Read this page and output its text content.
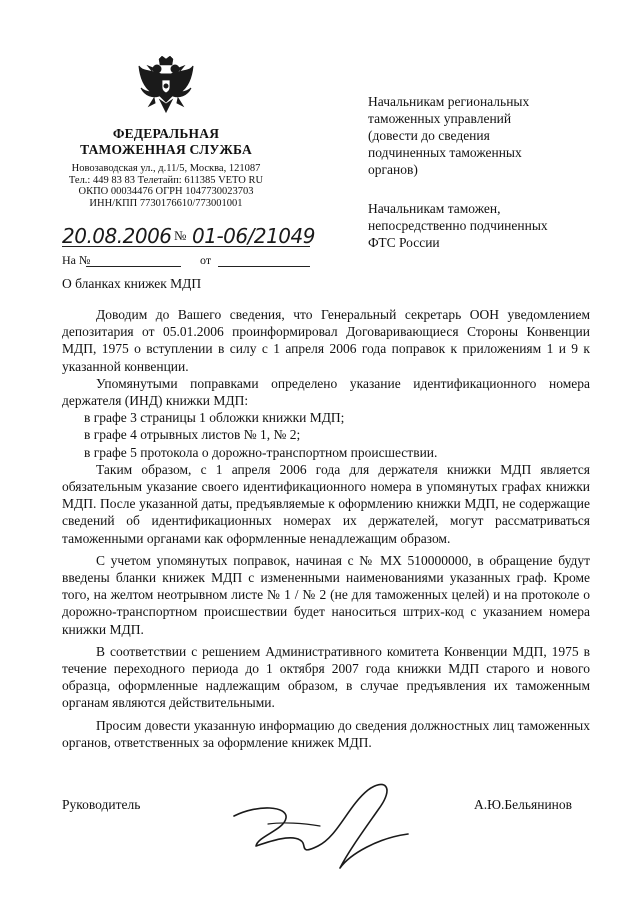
ФЕДЕРАЛЬНАЯ
ТАМОЖЕННАЯ СЛУЖБА
Новозаводская ул., д.11/5, Москва, 121087
Тел.: 449 83 83 Телетайп: 611385 VETO RU
ОКПО 00034476 ОГРН 1047730023703
ИНН/КПП 7730176610/773001001
20.08.2006 № 01-06/21049
На №	от
Начальникам региональных
таможенных управлений
(довести до сведения
подчиненных таможенных
органов)
Начальникам таможен,
непосредственно подчиненных
ФТС России
О бланках книжек МДП

Доводим до Вашего сведения, что Генеральный секретарь ООН уведомлением депозитария от 05.01.2006 проинформировал Договаривающиеся Стороны Конвенции МДП, 1975 о вступлении в силу с 1 апреля 2006 года поправок к приложениям 1 и 9 к указанной конвенции.

Упомянутыми поправками определено указание идентификационного номера держателя (ИНД) книжки МДП:

в графе 3 страницы 1 обложки книжки МДП;

в графе 4 отрывных листов № 1, № 2;

в графе 5 протокола о дорожно-транспортном происшествии.

Таким образом, с 1 апреля 2006 года для держателя книжки МДП является обязательным указание своего идентификационного номера в упомянутых графах книжки МДП. После указанной даты, предъявляемые к оформлению книжки МДП, не содержащие сведений об идентификационных номерах их держателей, могут рассматриваться таможенными органами как оформленные ненадлежащим образом.

С учетом упомянутых поправок, начиная с № МХ 510000000, в обращение будут введены бланки книжек МДП с измененными наименованиями указанных граф. Кроме того, на желтом неотрывном листе № 1 / № 2 (не для таможенных целей) и на протоколе о дорожно-транспортном происшествии будет наноситься штрих-код с указанием номера книжки МДП.

В соответствии с решением Административного комитета Конвенции МДП, 1975 в течение переходного периода до 1 октября 2007 года книжки МДП старого и нового образца, оформленные надлежащим образом, в случае предъявления их таможенным органам являются действительными.

Просим довести указанную информацию до сведения должностных лиц таможенных органов, ответственных за оформление книжек МДП.

Руководитель	А.Ю.Бельянинов
